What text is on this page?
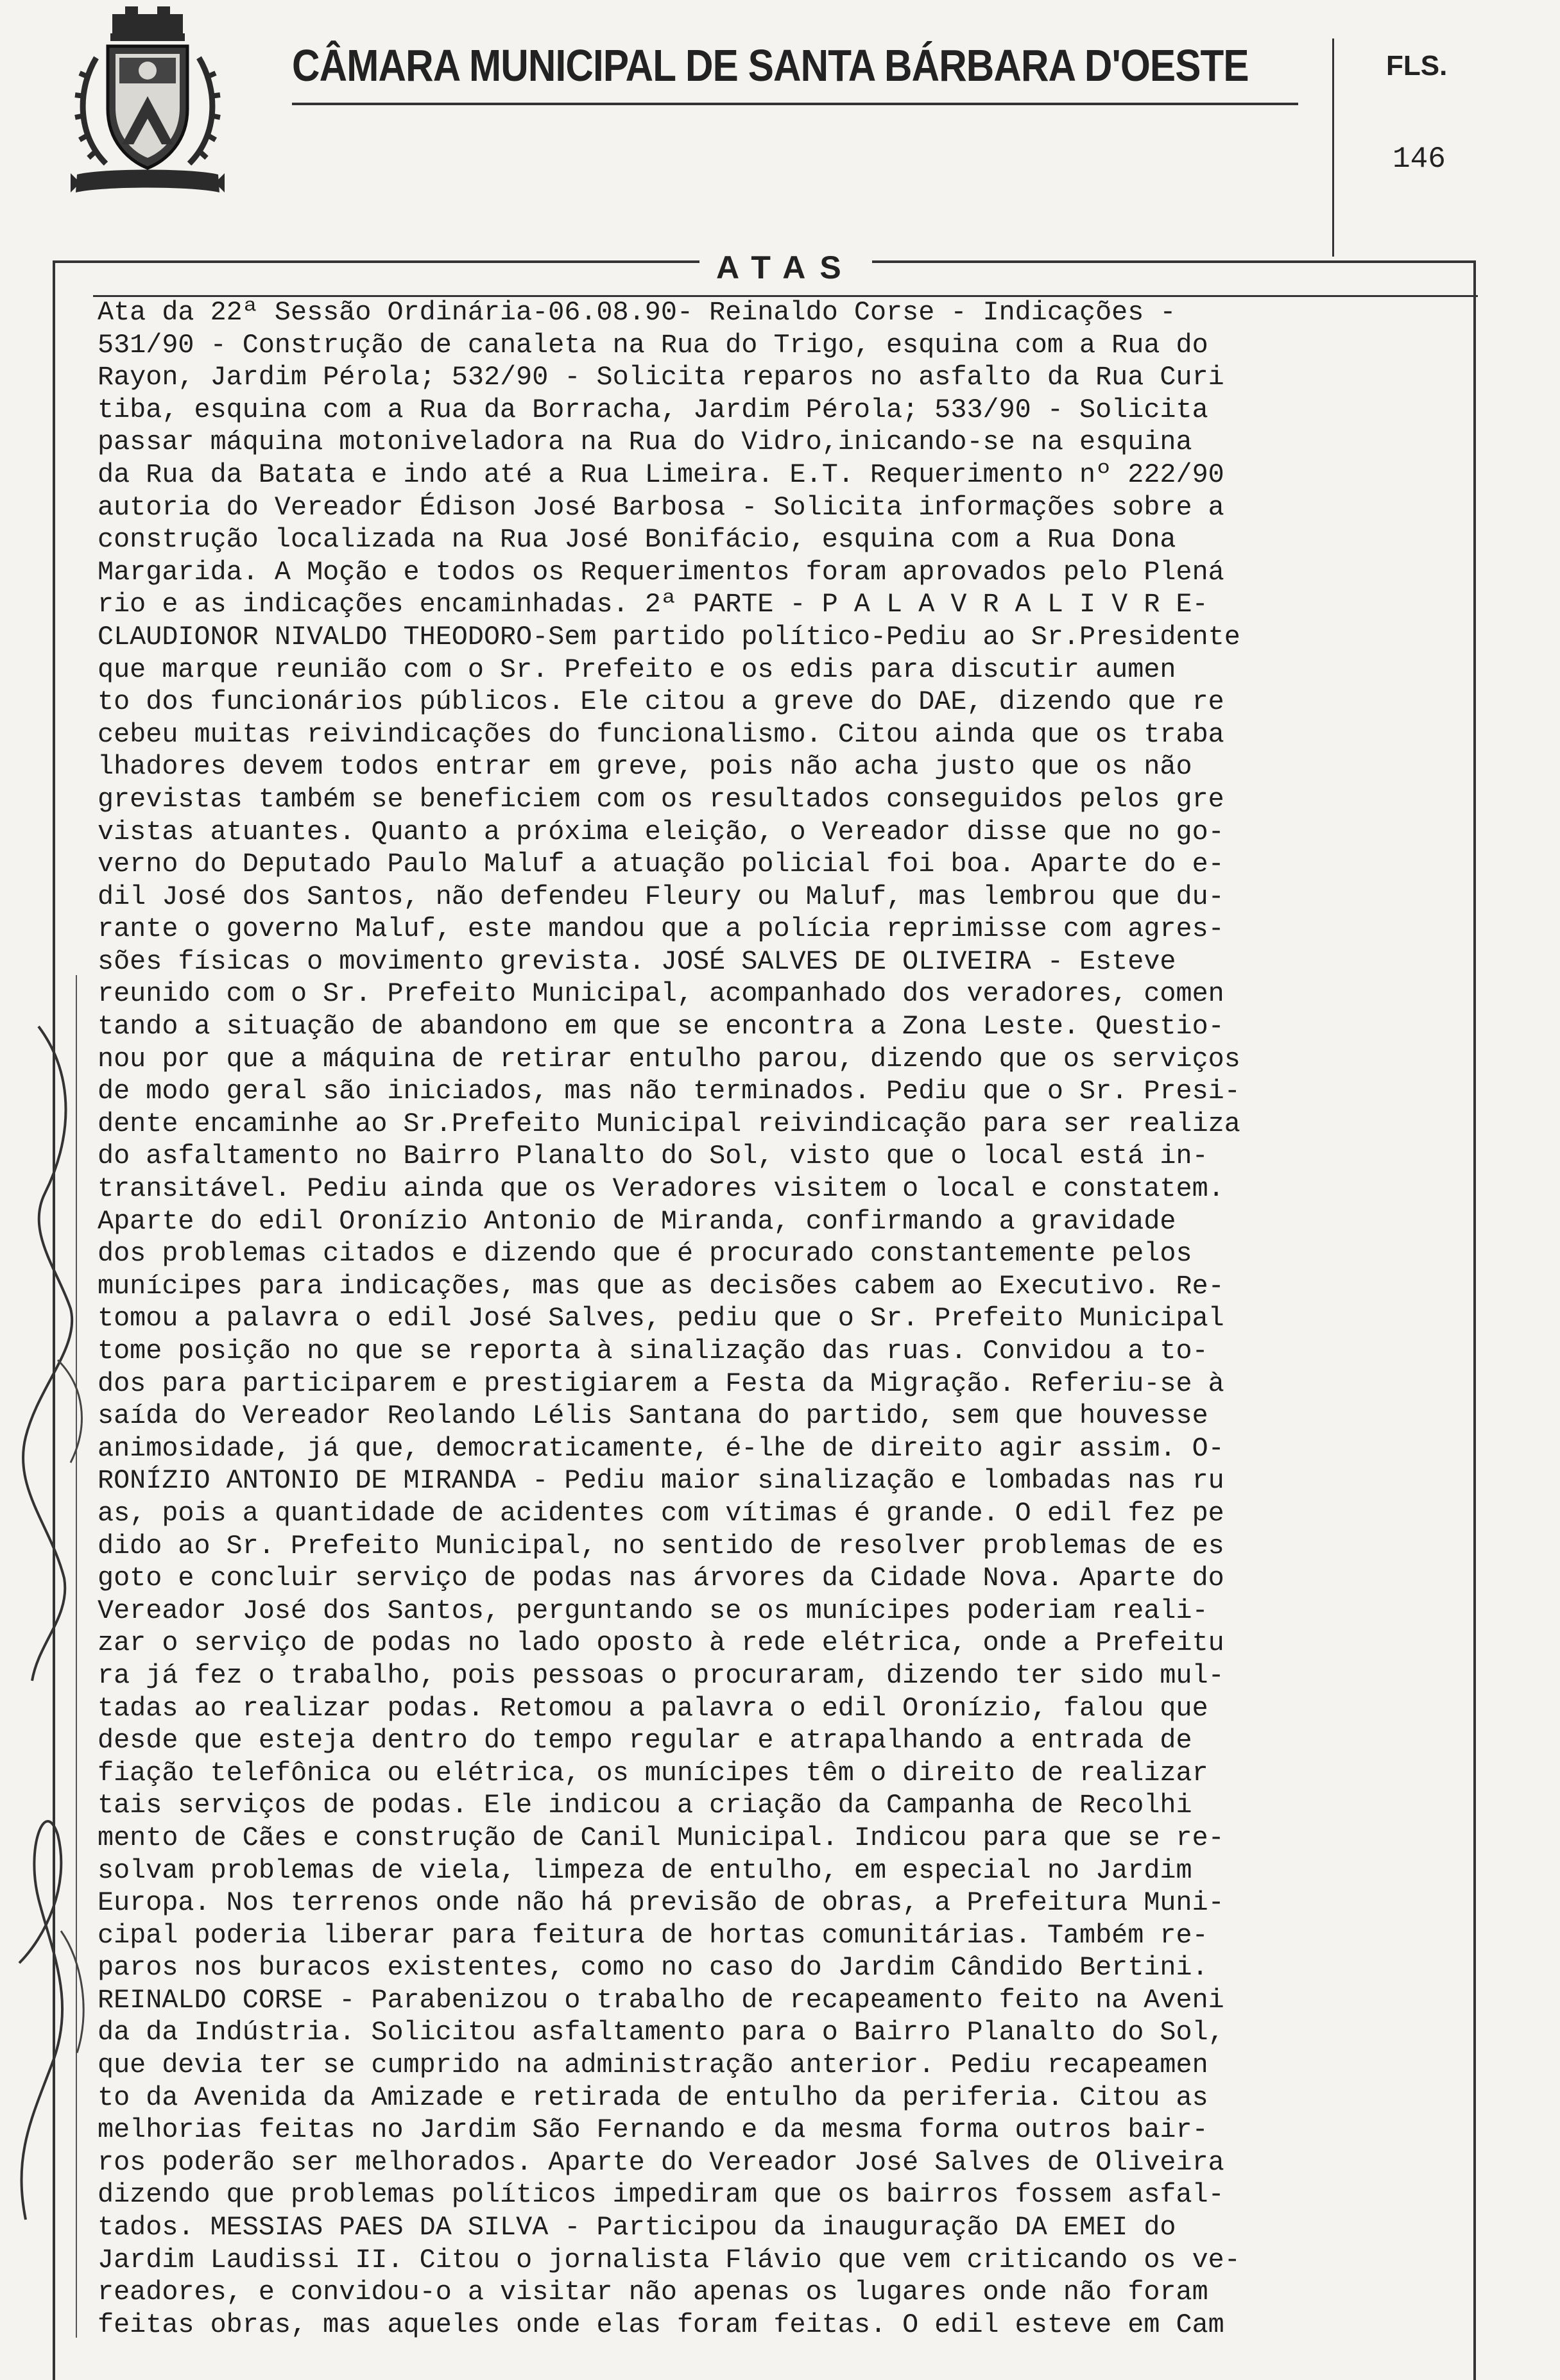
CÂMARA MUNICIPAL DE SANTA BÁRBARA D'OESTE	FLS.
146
ATAS
Ata da 22ª Sessão Ordinária-06.08.90- Reinaldo Corse - Indicações -
531/90 - Construção de canaleta na Rua do Trigo, esquina com a Rua do
Rayon, Jardim Pérola; 532/90 - Solicita reparos no asfalto da Rua Curi
tiba, esquina com a Rua da Borracha, Jardim Pérola; 533/90 - Solicita
passar máquina motoniveladora na Rua do Vidro,inicando-se na esquina
da Rua da Batata e indo até a Rua Limeira. E.T. Requerimento nº 222/90
autoria do Vereador Édison José Barbosa - Solicita informações sobre a
construção localizada na Rua José Bonifácio, esquina com a Rua Dona
Margarida. A Moção e todos os Requerimentos foram aprovados pelo Plená
rio e as indicações encaminhadas. 2ª PARTE - P A L A V R A L I V R E-
CLAUDIONOR NIVALDO THEODORO-Sem partido político-Pediu ao Sr.Presidente
que marque reunião com o Sr. Prefeito e os edis para discutir aumen
to dos funcionários públicos. Ele citou a greve do DAE, dizendo que re
cebeu muitas reivindicações do funcionalismo. Citou ainda que os traba
lhadores devem todos entrar em greve, pois não acha justo que os não
grevistas também se beneficiem com os resultados conseguidos pelos gre
vistas atuantes. Quanto a próxima eleição, o Vereador disse que no go-
verno do Deputado Paulo Maluf a atuação policial foi boa. Aparte do e-
dil José dos Santos, não defendeu Fleury ou Maluf, mas lembrou que du-
rante o governo Maluf, este mandou que a polícia reprimisse com agres-
sões físicas o movimento grevista. JOSÉ SALVES DE OLIVEIRA - Esteve
reunido com o Sr. Prefeito Municipal, acompanhado dos veradores, comen
tando a situação de abandono em que se encontra a Zona Leste. Questio-
nou por que a máquina de retirar entulho parou, dizendo que os serviços
de modo geral são iniciados, mas não terminados. Pediu que o Sr. Presi-
dente encaminhe ao Sr.Prefeito Municipal reivindicação para ser realiza
do asfaltamento no Bairro Planalto do Sol, visto que o local está in-
transitável. Pediu ainda que os Veradores visitem o local e constatem.
Aparte do edil Oronízio Antonio de Miranda, confirmando a gravidade
dos problemas citados e dizendo que é procurado constantemente pelos
munícipes para indicações, mas que as decisões cabem ao Executivo. Re-
tomou a palavra o edil José Salves, pediu que o Sr. Prefeito Municipal
tome posição no que se reporta à sinalização das ruas. Convidou a to-
dos para participarem e prestigiarem a Festa da Migração. Referiu-se à
saída do Vereador Reolando Lélis Santana do partido, sem que houvesse
animosidade, já que, democraticamente, é-lhe de direito agir assim. O-
RONÍZIO ANTONIO DE MIRANDA - Pediu maior sinalização e lombadas nas ru
as, pois a quantidade de acidentes com vítimas é grande. O edil fez pe
dido ao Sr. Prefeito Municipal, no sentido de resolver problemas de es
goto e concluir serviço de podas nas árvores da Cidade Nova. Aparte do
Vereador José dos Santos, perguntando se os munícipes poderiam reali-
zar o serviço de podas no lado oposto à rede elétrica, onde a Prefeitu
ra já fez o trabalho, pois pessoas o procuraram, dizendo ter sido mul-
tadas ao realizar podas. Retomou a palavra o edil Oronízio, falou que
desde que esteja dentro do tempo regular e atrapalhando a entrada de
fiação telefônica ou elétrica, os munícipes têm o direito de realizar
tais serviços de podas. Ele indicou a criação da Campanha de Recolhi
mento de Cães e construção de Canil Municipal. Indicou para que se re-
solvam problemas de viela, limpeza de entulho, em especial no Jardim
Europa. Nos terrenos onde não há previsão de obras, a Prefeitura Muni-
cipal poderia liberar para feitura de hortas comunitárias. Também re-
paros nos buracos existentes, como no caso do Jardim Cândido Bertini.
REINALDO CORSE - Parabenizou o trabalho de recapeamento feito na Aveni
da da Indústria. Solicitou asfaltamento para o Bairro Planalto do Sol,
que devia ter se cumprido na administração anterior. Pediu recapeamen
to da Avenida da Amizade e retirada de entulho da periferia. Citou as
melhorias feitas no Jardim São Fernando e da mesma forma outros bair-
ros poderão ser melhorados. Aparte do Vereador José Salves de Oliveira
dizendo que problemas políticos impediram que os bairros fossem asfal-
tados. MESSIAS PAES DA SILVA - Participou da inauguração DA EMEI do
Jardim Laudissi II. Citou o jornalista Flávio que vem criticando os ve-
readores, e convidou-o a visitar não apenas os lugares onde não foram
feitas obras, mas aqueles onde elas foram feitas. O edil esteve em Cam
